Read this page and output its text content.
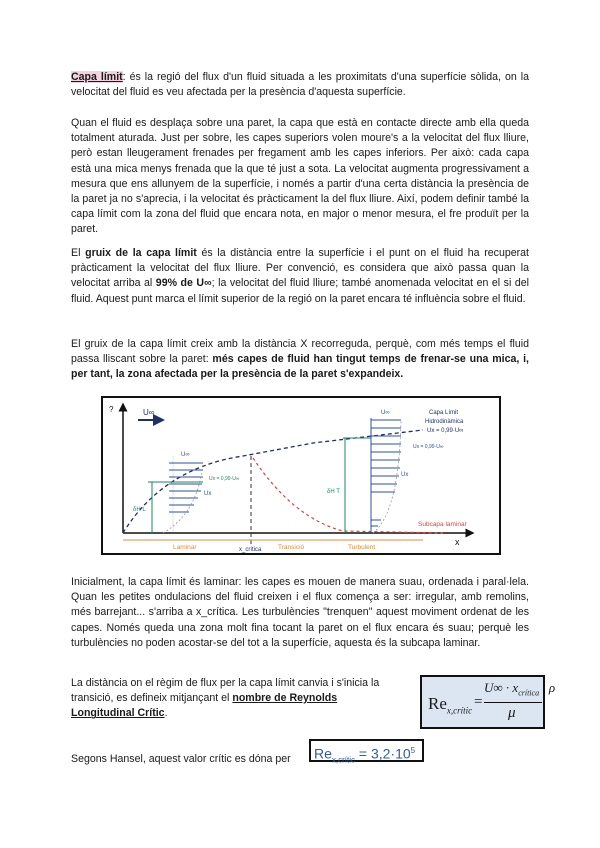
Capa límit: és la regió del flux d'un fluid situada a les proximitats d'una superfície sòlida, on la velocitat del fluid es veu afectada per la presència d'aquesta superfície.

Quan el fluid es desplaça sobre una paret, la capa que està en contacte directe amb ella queda totalment aturada. Just per sobre, les capes superiors volen moure's a la velocitat del flux lliure, però estan lleugerament frenades per fregament amb les capes inferiors. Per això: cada capa està una mica menys frenada que la que té just a sota. La velocitat augmenta progressivament a mesura que ens allunyem de la superfície, i només a partir d'una certa distància la presència de la paret ja no s'aprecia, i la velocitat és pràcticament la del flux lliure. Així, podem definir també la capa límit com la zona del fluid que encara nota, en major o menor mesura, el fre produït per la paret.

El gruix de la capa límit és la distància entre la superfície i el punt on el fluid ha recuperat pràcticament la velocitat del flux lliure. Per convenció, es considera que això passa quan la velocitat arriba al 99% de U∞; la velocitat del fluid lliure; també anomenada velocitat en el si del fluid. Aquest punt marca el límit superior de la regió on la paret encara té influència sobre el fluid.

El gruix de la capa límit creix amb la distància X recorreguda, perquè, com més temps el fluid passa lliscant sobre la paret: més capes de fluid han tingut temps de frenar-se una mica, i, per tant, la zona afectada per la presència de la paret s'expandeix.

?
x
U∞
Subcapa laminar
U∞
Ux = 0,99·U∞
Ux
δH L
U∞
Ux
Ux = 0,99·U∞
δH T
Capa Límit
Hidrodinàmica
Ux = 0,99·U∞
Laminar	x_crítica	Transició	Turbulent

Inicialment, la capa límit és laminar: les capes es mouen de manera suau, ordenada i paral·lela. Quan les petites ondulacions del fluid creixen i el flux comença a ser: irregular, amb remolins, més barrejant... s'arriba a x_crítica. Les turbulències "trenquen" aquest moviment ordenat de les capes. Només queda una zona molt fina tocant la paret on el flux encara és suau; perquè les turbulències no poden acostar-se del tot a la superfície, aquesta és la subcapa laminar.

La distància on el règim de flux per la capa límit canvia i s'inicia la transició, es defineix mitjançant el nombre de Reynolds Longitudinal Crític.

$Re_{x,crític}$
=
$U\infty \cdot x_{crítica} \cdot \rho$
μ

Segons Hansel, aquest valor crític es dóna per	$Re_{x,crític} = 3,2\cdot 10^5$
